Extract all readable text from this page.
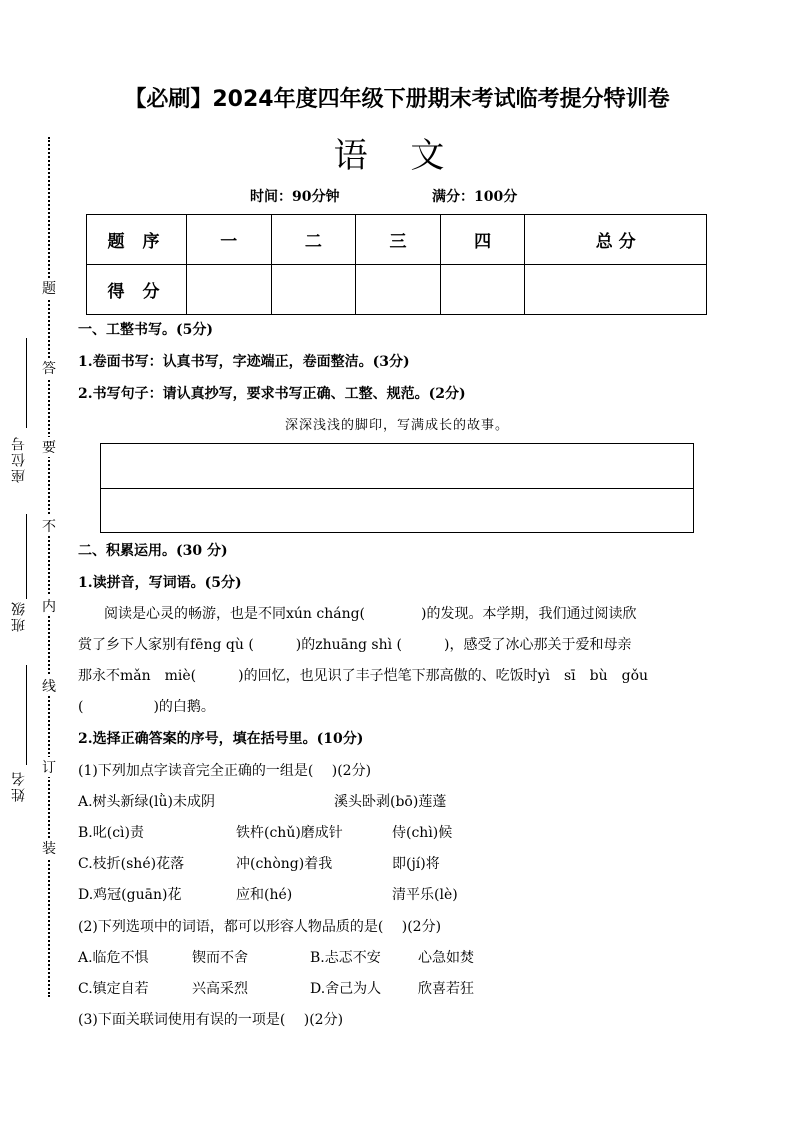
题
答
要
不
内
线
订
装
座位号
班级
姓名
【必刷】2024年度四年级下册期末考试临考提分特训卷
语 文
时间：90分钟	满分：100分
题 序	一	二	三	四	总 分
得 分					
一、工整书写。(5分)
1.卷面书写：认真书写，字迹端正，卷面整洁。(3分)
2.书写句子：请认真抄写，要求书写正确、工整、规范。(2分)
深深浅浅的脚印，写满成长的故事。
二、积累运用。(30 分)
1.读拼音，写词语。(5分)
阅读是心灵的畅游，也是不同xún cháng(　　　　)的发现。本学期，我们通过阅读欣
赏了乡下人家别有fēng qù (　　　)的zhuāng shì (　　　)，感受了冰心那关于爱和母亲
那永不mǎn　miè(　　　)的回忆，也见识了丰子恺笔下那高傲的、吃饭时yì　sī　bù　gǒu
(　　　　　)的白鹅。
2.选择正确答案的序号，填在括号里。(10分)
(1)下列加点字读音完全正确的一组是(　 )(2分)
A.树头新绿(lǜ)未成阴	溪头卧剥(bō)莲蓬
B.叱(cì)责	铁杵(chǔ)磨成针	侍(chì)候
C.枝折(shé)花落	冲(chòng)着我	即(jí)将
D.鸡冠(guān)花	应和(hé)	清平乐(lè)
(2)下列选项中的词语，都可以形容人物品质的是(　 )(2分)
A.临危不惧	锲而不舍	B.忐忑不安	心急如焚
C.镇定自若	兴高采烈	D.舍己为人	欣喜若狂
(3)下面关联词使用有误的一项是(　 )(2分)
